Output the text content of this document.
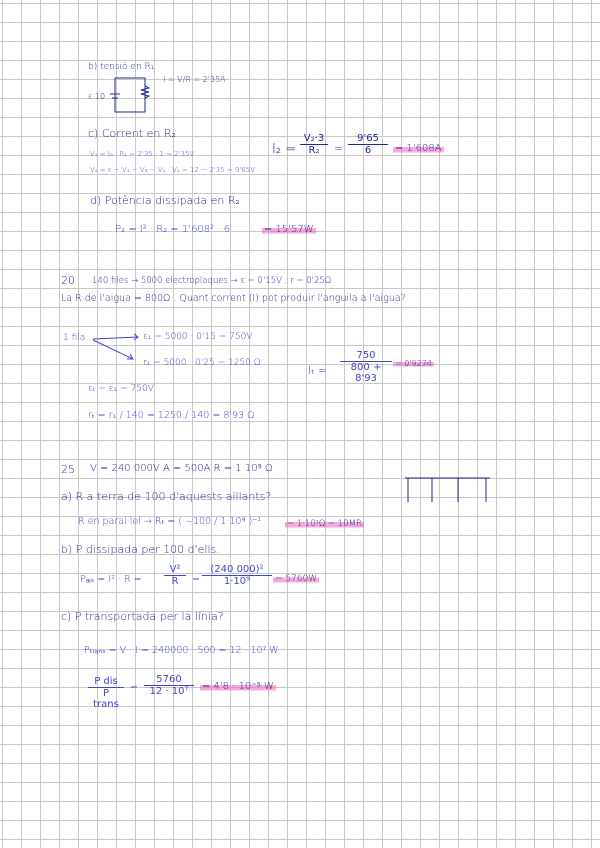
b) tensió en R₁
ε 10
I = V/R = 2'35A
c) Corrent en R₂
V₁ = I₀ · R₁ = 2'35 · 1 = 2'35V
V₂ = ε − V₁ − V₃ − V₁ · V₁ = 12 − 2'35 = 9'65V
$I_2 = \frac{\text{V₂·3}}{\text{R₂}} = \frac{9'65}{6} = 1'608A$
d) Potència dissipada en R₂
P₂ = I² · R₂ = 1'608² · 6	= 15'57W
20 140 files → 5000 electroplaques → ε = 0'15V ; r = 0'25Ω
La R de l'aigua = 800Ω . Quant corrent (I) pot produir l'anguila a l'aigua?
1 fila	ε₁ = 5000 · 0'15 = 750V
r₁ = 5000 · 0'25 = 1250 Ω
$I_t = \frac{750}{800 + 8'93} = 0'9274$
εₜ = ε₁ = 750V
rₜ = r₁ / 140 = 1250 / 140 = 8'93 Ω
25 V = 240 000V A = 500A R = 1·10⁹ Ω
a) R a terra de 100 d'aquests aïllants?
R en paral·lel → Rₜ = ( −100 / 1·10⁹ )⁻¹	= 1·10⁷Ω = 10MR
b) P dissipada per 100 d'ells.
Pₐᵢₛ = $I^2 \cdot R = \frac{\text{V²}}{R} = \frac{\text{(240 000)²}}{\text{1·10⁹}} = 5760W$
c) P transportada per la línia?
Pₜᵣₐₙₛ = V · I = 240000 · 500 = 12 · 10⁷ W
P dis
P trans
= $\frac{5760}{\text{12 · 10⁷}} = 4'8 \cdot 10^{-5}$ W
